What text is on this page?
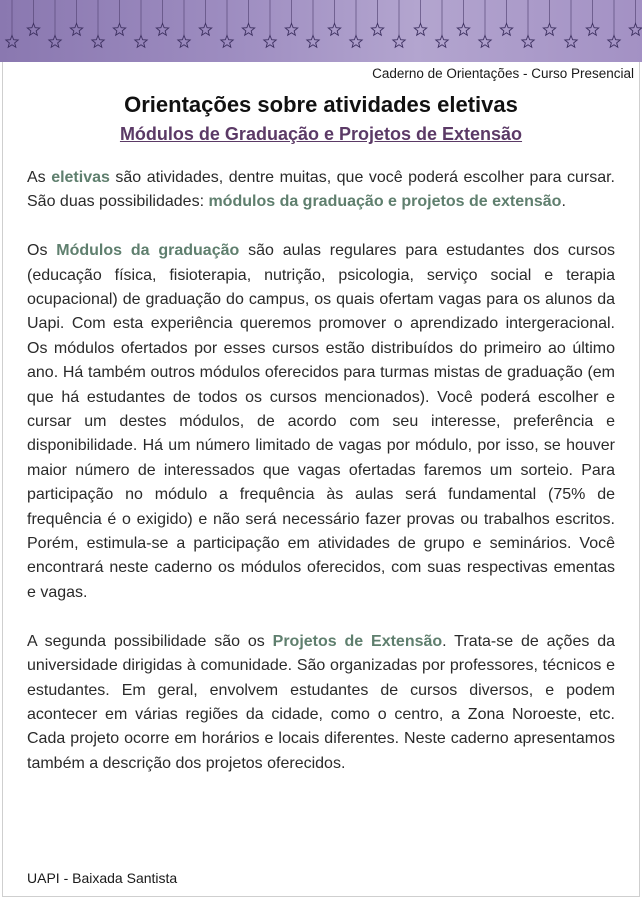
Caderno de Orientações - Curso Presencial
Orientações sobre atividades eletivas
Módulos de Graduação e Projetos de Extensão

As eletivas são atividades, dentre muitas, que você poderá escolher para cursar. São duas possibilidades: módulos da graduação e projetos de extensão.

Os Módulos da graduação são aulas regulares para estudantes dos cursos (educação física, fisioterapia, nutrição, psicologia, serviço social e terapia ocupacional) de graduação do campus, os quais ofertam vagas para os alunos da Uapi. Com esta experiência queremos promover o aprendizado intergeracional. Os módulos ofertados por esses cursos estão distribuídos do primeiro ao último ano. Há também outros módulos oferecidos para turmas mistas de graduação (em que há estudantes de todos os cursos mencionados). Você poderá escolher e cursar um destes módulos, de acordo com seu interesse, preferência e disponibilidade. Há um número limitado de vagas por módulo, por isso, se houver maior número de interessados que vagas ofertadas faremos um sorteio. Para participação no módulo a frequência às aulas será fundamental (75% de frequência é o exigido) e não será necessário fazer provas ou trabalhos escritos. Porém, estimula-se a participação em atividades de grupo e seminários. Você encontrará neste caderno os módulos oferecidos, com suas respectivas ementas e vagas.

A segunda possibilidade são os Projetos de Extensão. Trata-se de ações da universidade dirigidas à comunidade. São organizadas por professores, técnicos e estudantes. Em geral, envolvem estudantes de cursos diversos, e podem acontecer em várias regiões da cidade, como o centro, a Zona Noroeste, etc. Cada projeto ocorre em horários e locais diferentes. Neste caderno apresentamos também a descrição dos projetos oferecidos.

UAPI - Baixada Santista
